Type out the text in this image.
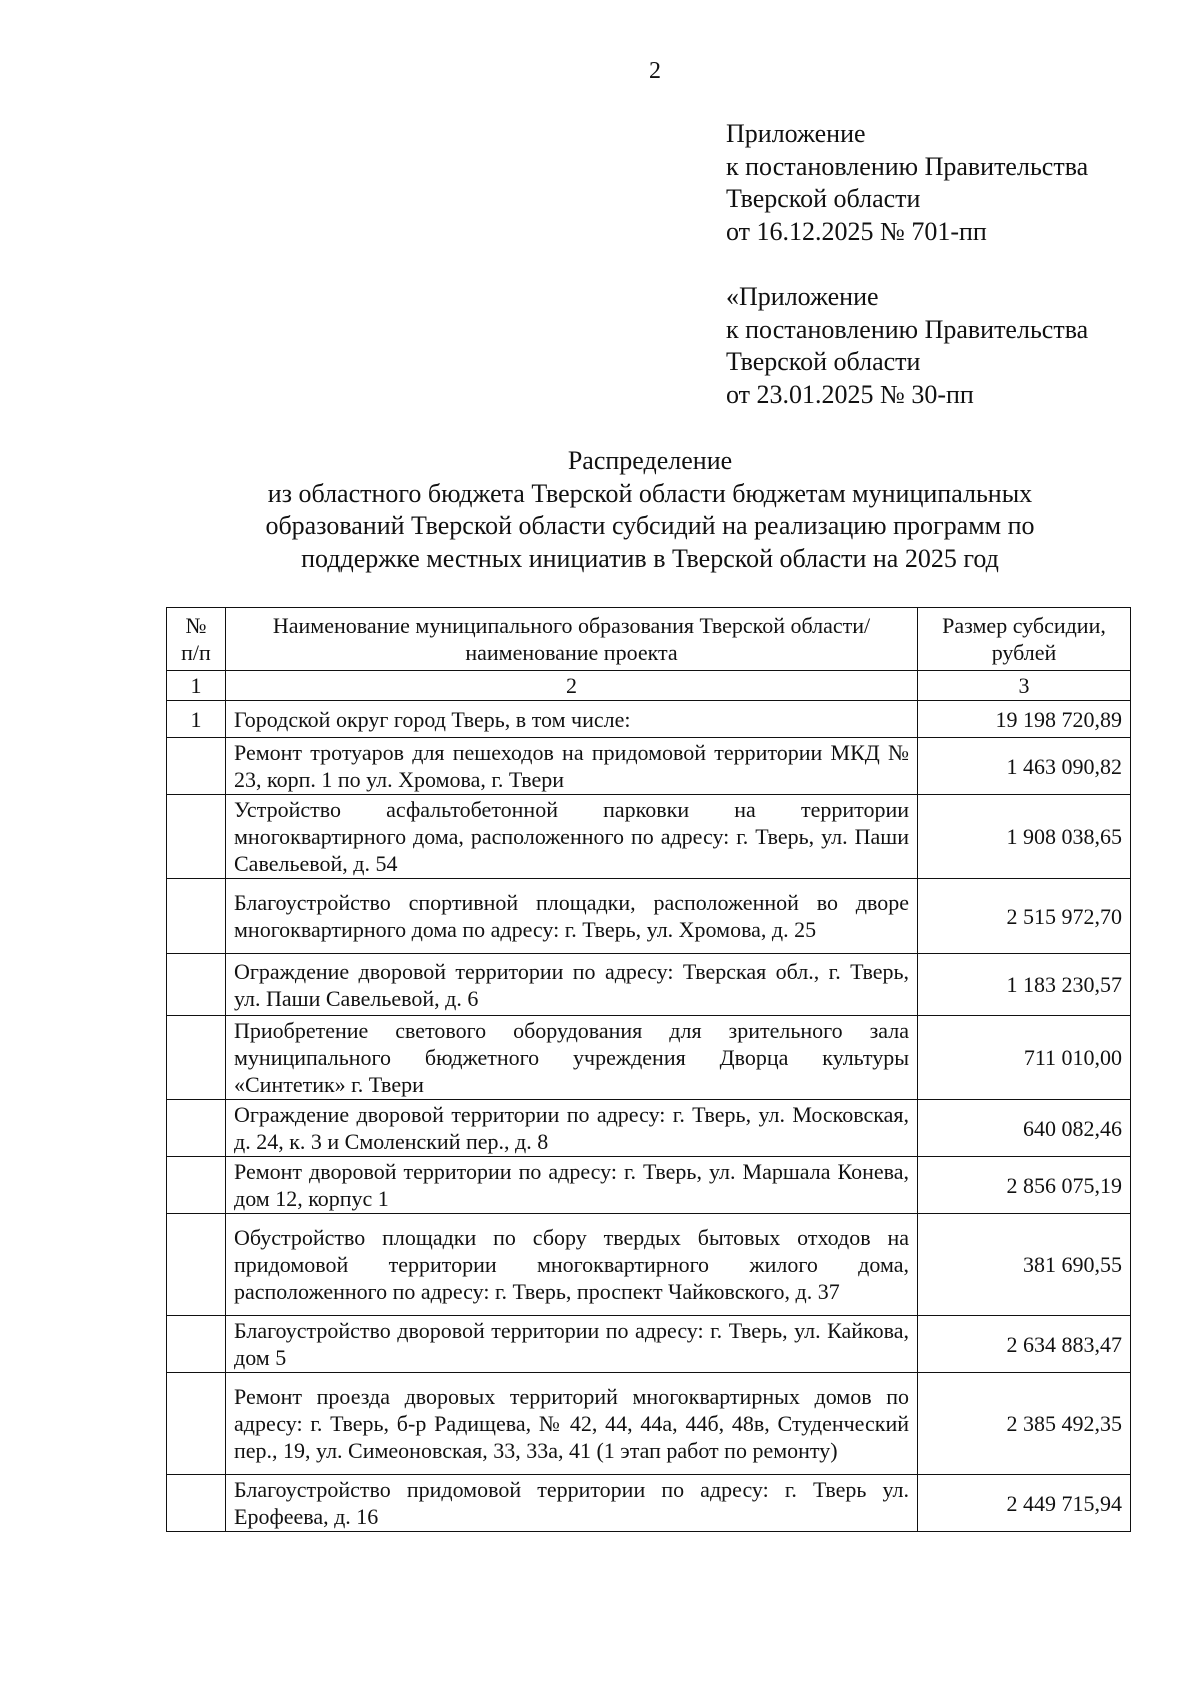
2
Приложение
к постановлению Правительства
Тверской области
от 16.12.2025 № 701-пп
«Приложение
к постановлению Правительства
Тверской области
от 23.01.2025 № 30-пп
Распределение
из областного бюджета Тверской области бюджетам муниципальных
образований Тверской области субсидий на реализацию программ по
поддержке местных инициатив в Тверской области на 2025 год
№ п/п	Наименование муниципального образования Тверской области/наименование проекта	Размер субсидии, рублей
1	2	3
1	Городской округ город Тверь, в том числе:	19 198 720,89
	Ремонт тротуаров для пешеходов на придомовой территории МКД № 23, корп. 1 по ул. Хромова, г. Твери	1 463 090,82
	Устройство асфальтобетонной парковки на территории многоквартирного дома, расположенного по адресу: г. Тверь, ул. Паши Савельевой, д. 54	1 908 038,65
	Благоустройство спортивной площадки, расположенной во дворе многоквартирного дома по адресу: г. Тверь, ул. Хромова, д. 25	2 515 972,70
	Ограждение дворовой территории по адресу: Тверская обл., г. Тверь, ул. Паши Савельевой, д. 6	1 183 230,57
	Приобретение светового оборудования для зрительного зала муниципального бюджетного учреждения Дворца культуры «Синтетик» г. Твери	711 010,00
	Ограждение дворовой территории по адресу: г. Тверь, ул. Московская, д. 24, к. 3 и Смоленский пер., д. 8	640 082,46
	Ремонт дворовой территории по адресу: г. Тверь, ул. Маршала Конева, дом 12, корпус 1	2 856 075,19
	Обустройство площадки по сбору твердых бытовых отходов на придомовой территории многоквартирного жилого дома, расположенного по адресу: г. Тверь, проспект Чайковского, д. 37	381 690,55
	Благоустройство дворовой территории по адресу: г. Тверь, ул. Кайкова, дом 5	2 634 883,47
	Ремонт проезда дворовых территорий многоквартирных домов по адресу: г. Тверь, б-р Радищева, № 42, 44, 44а, 44б, 48в, Студенческий пер., 19, ул. Симеоновская, 33, 33а, 41 (1 этап работ по ремонту)	2 385 492,35
	Благоустройство придомовой территории по адресу: г. Тверь ул. Ерофеева, д. 16	2 449 715,94
